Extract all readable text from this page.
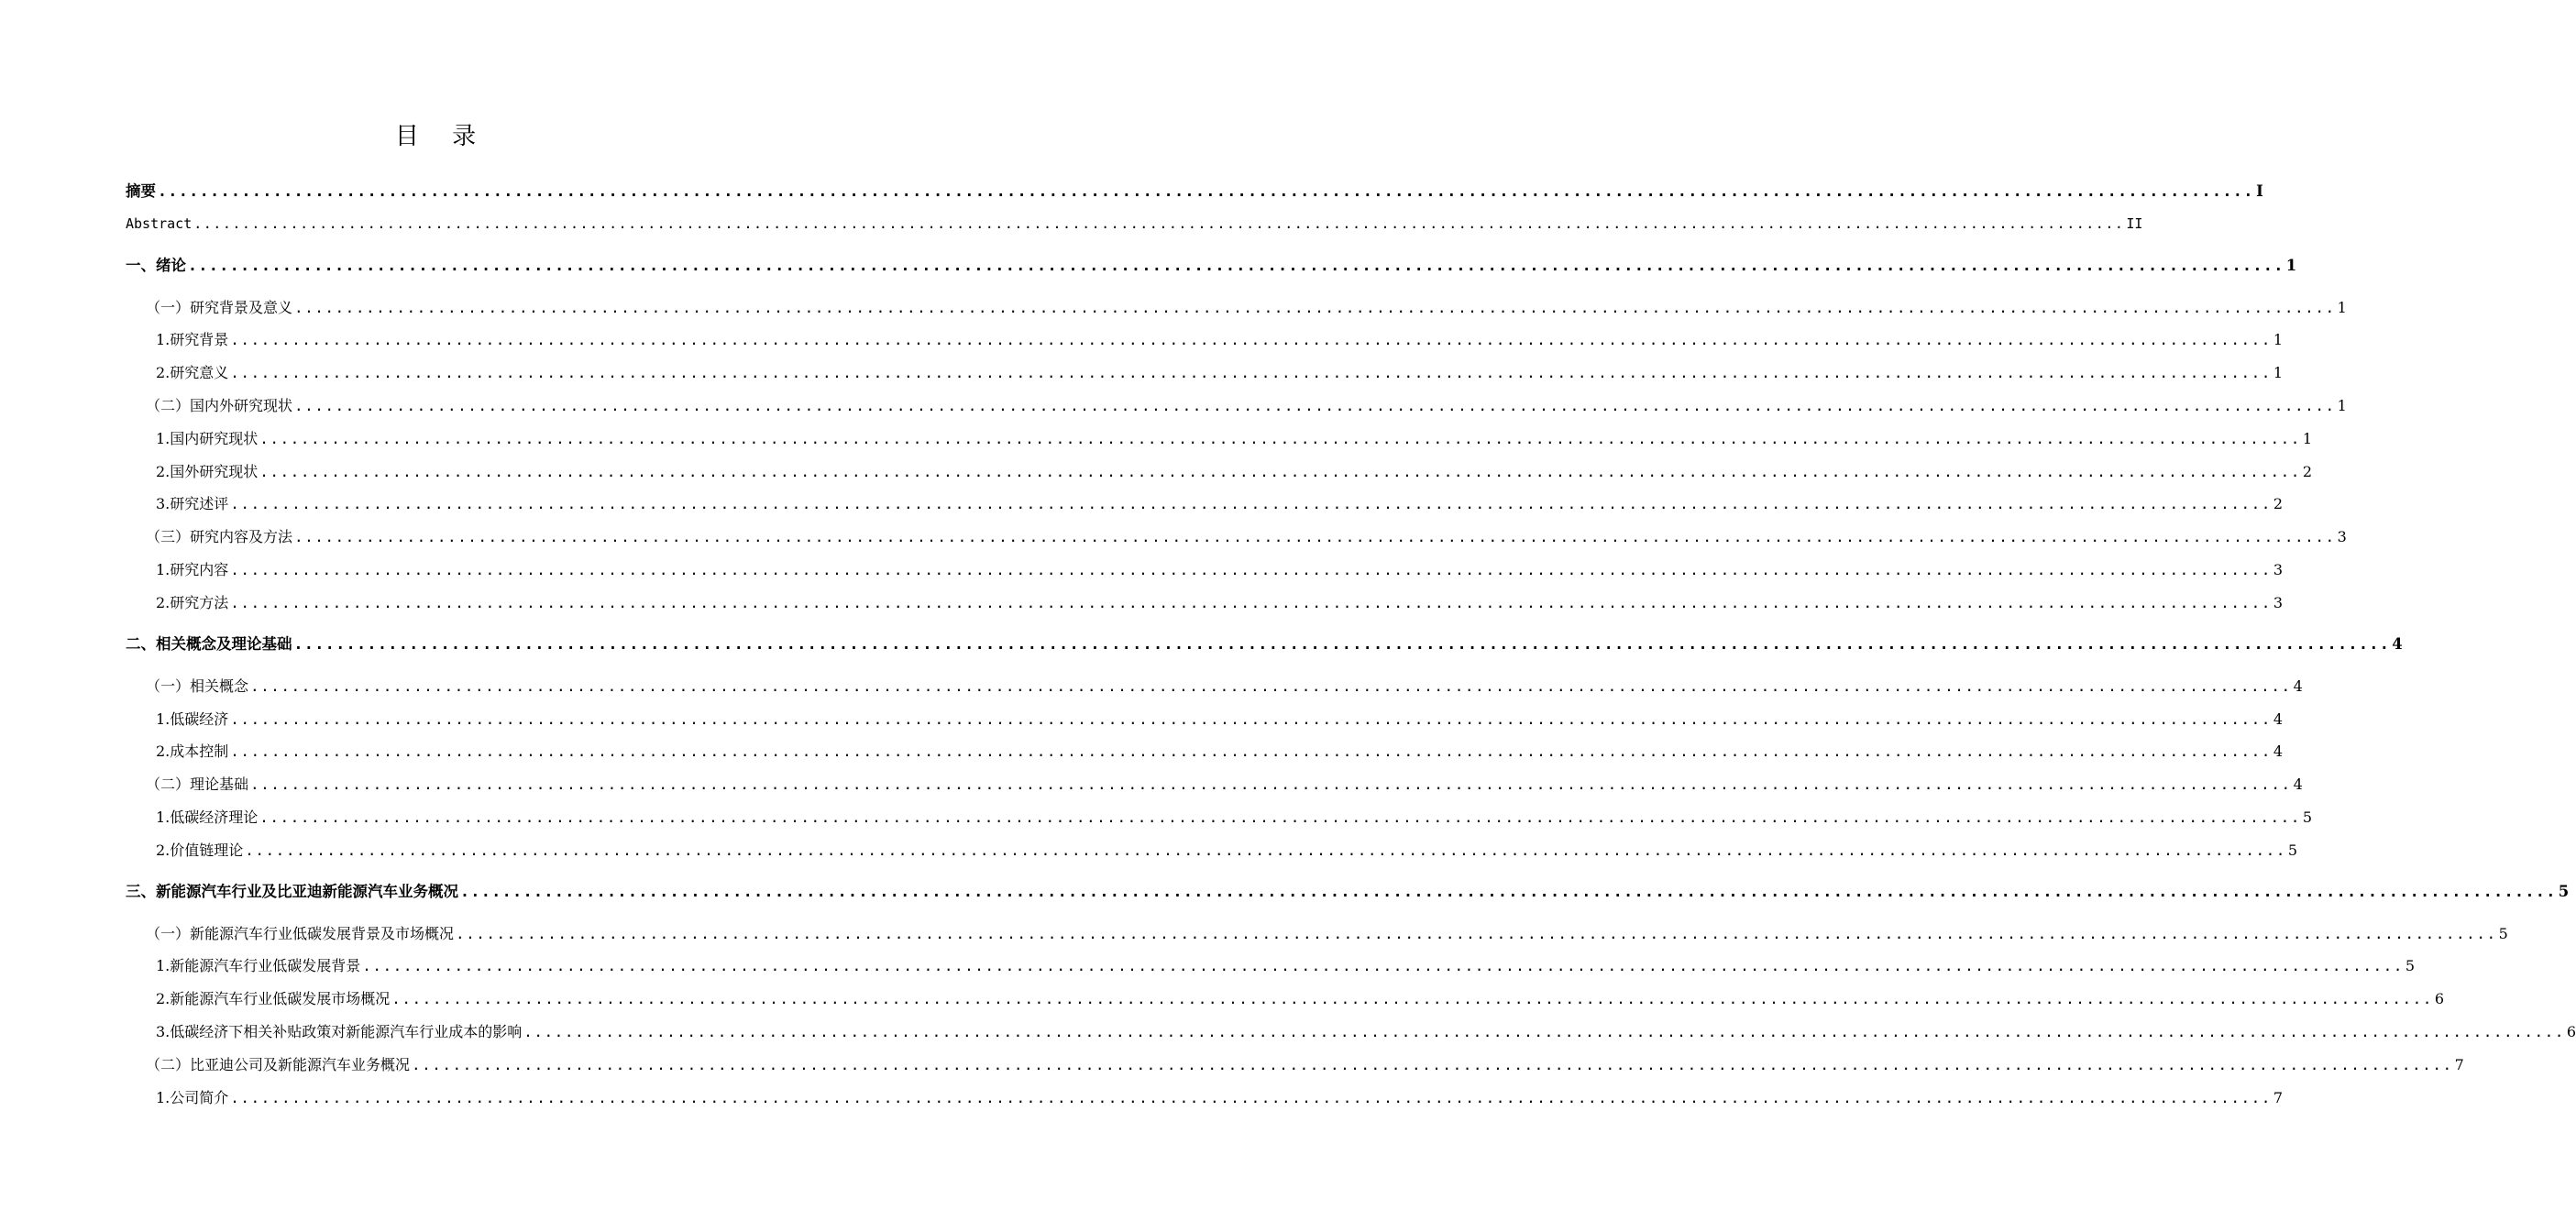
目 录
摘要 ........................................................................................................................................................................................................ I
Abstract ........................................................................................................................................................................................................ II
一、绪论 ........................................................................................................................................................................................................ 1
（一）研究背景及意义 ........................................................................................................................................................................................................ 1
1.研究背景 ........................................................................................................................................................................................................ 1
2.研究意义 ........................................................................................................................................................................................................ 1
（二）国内外研究现状 ........................................................................................................................................................................................................ 1
1.国内研究现状 ........................................................................................................................................................................................................ 1
2.国外研究现状 ........................................................................................................................................................................................................ 2
3.研究述评 ........................................................................................................................................................................................................ 2
（三）研究内容及方法 ........................................................................................................................................................................................................ 3
1.研究内容 ........................................................................................................................................................................................................ 3
2.研究方法 ........................................................................................................................................................................................................ 3
二、相关概念及理论基础 ........................................................................................................................................................................................................ 4
（一）相关概念 ........................................................................................................................................................................................................ 4
1.低碳经济 ........................................................................................................................................................................................................ 4
2.成本控制 ........................................................................................................................................................................................................ 4
（二）理论基础 ........................................................................................................................................................................................................ 4
1.低碳经济理论 ........................................................................................................................................................................................................ 5
2.价值链理论 ........................................................................................................................................................................................................ 5
三、新能源汽车行业及比亚迪新能源汽车业务概况 ........................................................................................................................................................................................................ 5
（一）新能源汽车行业低碳发展背景及市场概况 ........................................................................................................................................................................................................ 5
1.新能源汽车行业低碳发展背景 ........................................................................................................................................................................................................ 5
2.新能源汽车行业低碳发展市场概况 ........................................................................................................................................................................................................ 6
3.低碳经济下相关补贴政策对新能源汽车行业成本的影响 ........................................................................................................................................................................................................ 6
（二）比亚迪公司及新能源汽车业务概况 ........................................................................................................................................................................................................ 7
1.公司简介 ........................................................................................................................................................................................................ 7
